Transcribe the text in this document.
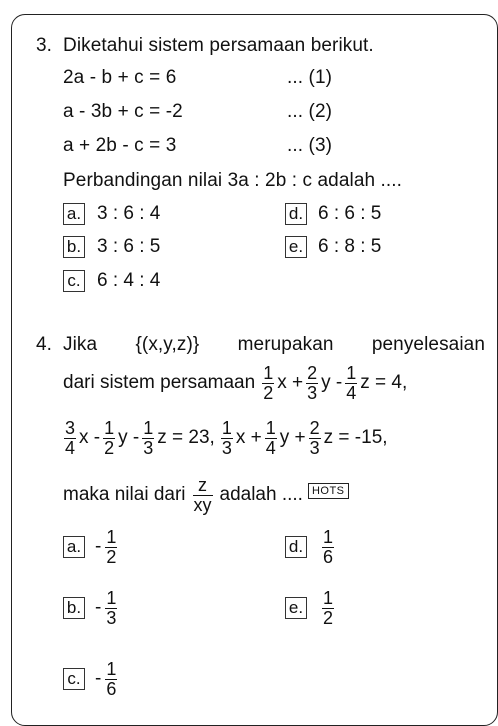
3. Diketahui sistem persamaan berikut.
2a - b + c = 6	... (1)
a - 3b + c = -2	... (2)
a + 2b - c = 3	... (3)
Perbandingan nilai 3a : 2b : c adalah ....
a. 3 : 6 : 4	d. 6 : 6 : 5
b. 3 : 6 : 5	e. 6 : 8 : 5
c. 6 : 4 : 4
4. Jika {(x,y,z)} merupakan penyelesaian
dari sistem persamaan $\frac{1}{2}$ $x + \frac{2}{3}$ y - $\frac{1}{4}$ z = 4,
$\frac{3}{4}$ x - $\frac{1}{2}$ y - $\frac{1}{3}$ z = 23, $\frac{1}{3}$ $x + \frac{1}{4}$ $y + \frac{2}{3}$ z = -15,
maka nilai dari $\frac{z}{xy}$ adalah .... HOTS
a. - $\frac{1}{2}$	d. $\frac{1}{6}$
b. - $\frac{1}{3}$	e. $\frac{1}{2}$
c. - $\frac{1}{6}$
